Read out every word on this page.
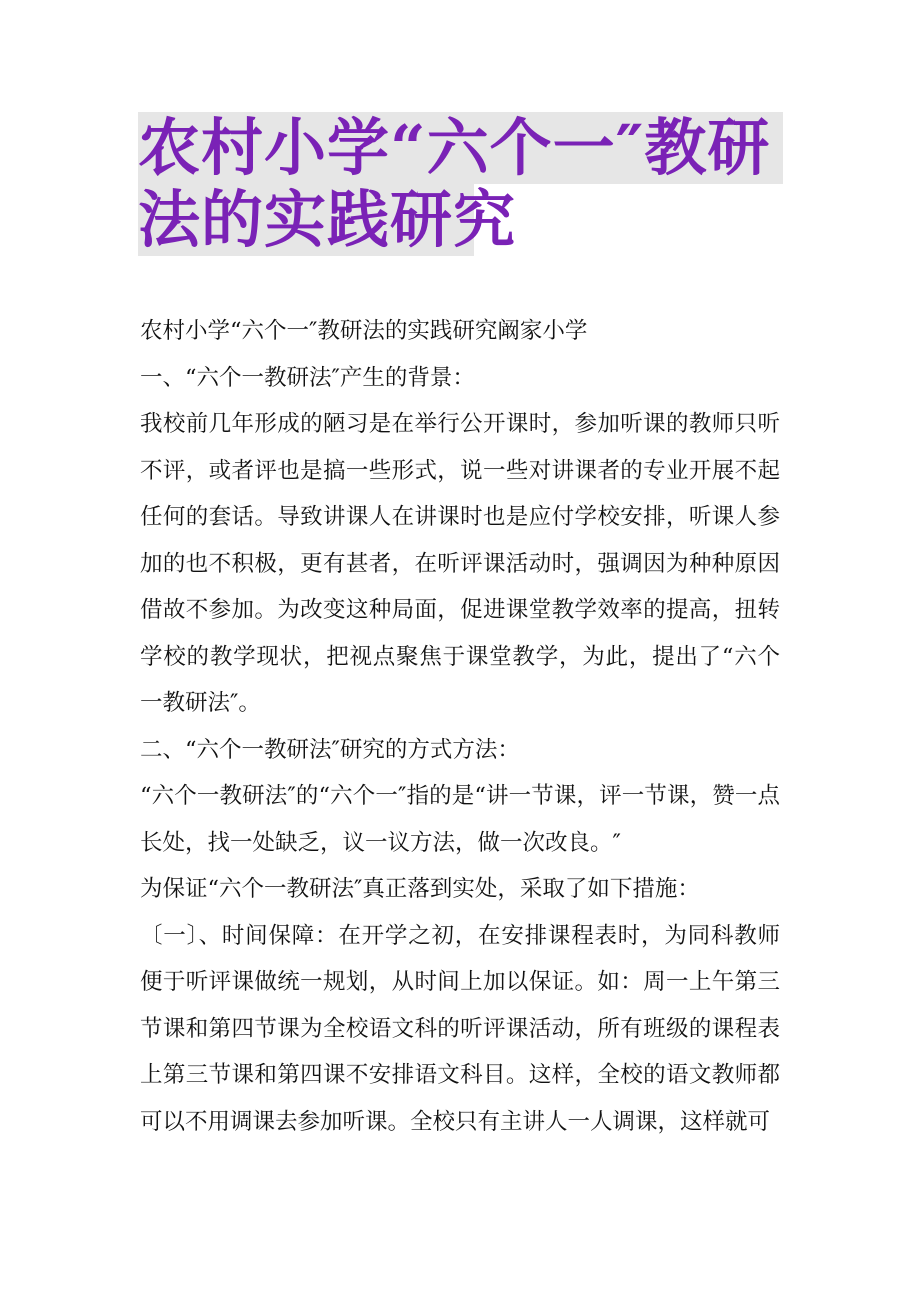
农村小学“六个一″教研
法的实践研究

农村小学“六个一″教研法的实践研究阚家小学

一、“六个一教研法″产生的背景：

我校前几年形成的陋习是在举行公开课时，参加听课的教师只听不评，或者评也是搞一些形式，说一些对讲课者的专业开展不起任何的套话。导致讲课人在讲课时也是应付学校安排，听课人参加的也不积极，更有甚者，在听评课活动时，强调因为种种原因借故不参加。为改变这种局面，促进课堂教学效率的提高，扭转学校的教学现状，把视点聚焦于课堂教学，为此，提出了“六个一教研法″。

二、“六个一教研法″研究的方式方法：

“六个一教研法″的“六个一″指的是“讲一节课，评一节课，赞一点长处，找一处缺乏，议一议方法，做一次改良。″

为保证“六个一教研法″真正落到实处，采取了如下措施：

〔一〕、时间保障：在开学之初，在安排课程表时，为同科教师便于听评课做统一规划，从时间上加以保证。如：周一上午第三节课和第四节课为全校语文科的听评课活动，所有班级的课程表上第三节课和第四课不安排语文科目。这样，全校的语文教师都可以不用调课去参加听课。全校只有主讲人一人调课，这样就可
